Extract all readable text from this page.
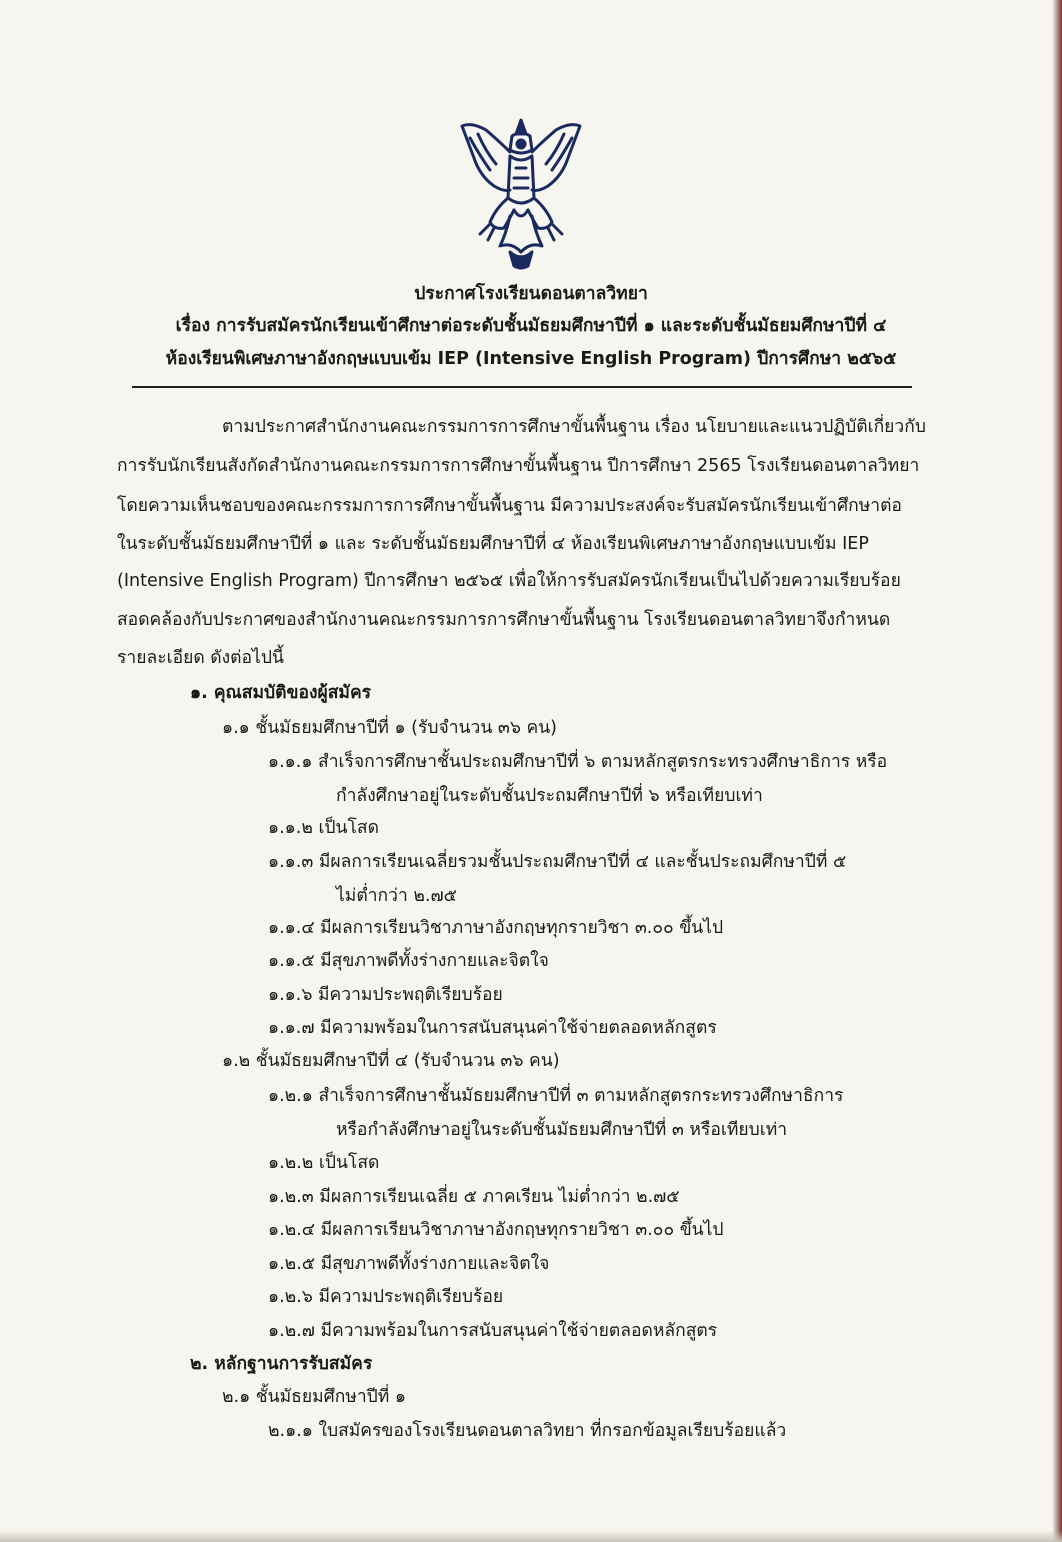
ประกาศโรงเรียนดอนตาลวิทยา
เรื่อง การรับสมัครนักเรียนเข้าศึกษาต่อระดับชั้นมัธยมศึกษาปีที่ ๑ และระดับชั้นมัธยมศึกษาปีที่ ๔
ห้องเรียนพิเศษภาษาอังกฤษแบบเข้ม IEP (Intensive English Program) ปีการศึกษา ๒๕๖๕
ตามประกาศสำนักงานคณะกรรมการการศึกษาขั้นพื้นฐาน เรื่อง นโยบายและแนวปฏิบัติเกี่ยวกับ
การรับนักเรียนสังกัดสำนักงานคณะกรรมการการศึกษาขั้นพื้นฐาน ปีการศึกษา 2565 โรงเรียนดอนตาลวิทยา
โดยความเห็นชอบของคณะกรรมการการศึกษาขั้นพื้นฐาน มีความประสงค์จะรับสมัครนักเรียนเข้าศึกษาต่อ
ในระดับชั้นมัธยมศึกษาปีที่ ๑ และ ระดับชั้นมัธยมศึกษาปีที่ ๔ ห้องเรียนพิเศษภาษาอังกฤษแบบเข้ม IEP
(Intensive English Program) ปีการศึกษา ๒๕๖๕ เพื่อให้การรับสมัครนักเรียนเป็นไปด้วยความเรียบร้อย
สอดคล้องกับประกาศของสำนักงานคณะกรรมการการศึกษาขั้นพื้นฐาน โรงเรียนดอนตาลวิทยาจึงกำหนด
รายละเอียด ดังต่อไปนี้
๑. คุณสมบัติของผู้สมัคร
๑.๑ ชั้นมัธยมศึกษาปีที่ ๑ (รับจำนวน ๓๖ คน)
๑.๑.๑ สำเร็จการศึกษาชั้นประถมศึกษาปีที่ ๖ ตามหลักสูตรกระทรวงศึกษาธิการ หรือ
กำลังศึกษาอยู่ในระดับชั้นประถมศึกษาปีที่ ๖ หรือเทียบเท่า
๑.๑.๒ เป็นโสด
๑.๑.๓ มีผลการเรียนเฉลี่ยรวมชั้นประถมศึกษาปีที่ ๔ และชั้นประถมศึกษาปีที่ ๕
ไม่ต่ำกว่า ๒.๗๕
๑.๑.๔ มีผลการเรียนวิชาภาษาอังกฤษทุกรายวิชา ๓.๐๐ ขึ้นไป
๑.๑.๕ มีสุขภาพดีทั้งร่างกายและจิตใจ
๑.๑.๖ มีความประพฤติเรียบร้อย
๑.๑.๗ มีความพร้อมในการสนับสนุนค่าใช้จ่ายตลอดหลักสูตร
๑.๒ ชั้นมัธยมศึกษาปีที่ ๔ (รับจำนวน ๓๖ คน)
๑.๒.๑ สำเร็จการศึกษาชั้นมัธยมศึกษาปีที่ ๓ ตามหลักสูตรกระทรวงศึกษาธิการ
หรือกำลังศึกษาอยู่ในระดับชั้นมัธยมศึกษาปีที่ ๓ หรือเทียบเท่า
๑.๒.๒ เป็นโสด
๑.๒.๓ มีผลการเรียนเฉลี่ย ๕ ภาคเรียน ไม่ต่ำกว่า ๒.๗๕
๑.๒.๔ มีผลการเรียนวิชาภาษาอังกฤษทุกรายวิชา ๓.๐๐ ขึ้นไป
๑.๒.๕ มีสุขภาพดีทั้งร่างกายและจิตใจ
๑.๒.๖ มีความประพฤติเรียบร้อย
๑.๒.๗ มีความพร้อมในการสนับสนุนค่าใช้จ่ายตลอดหลักสูตร
๒. หลักฐานการรับสมัคร
๒.๑ ชั้นมัธยมศึกษาปีที่ ๑
๒.๑.๑ ใบสมัครของโรงเรียนดอนตาลวิทยา ที่กรอกข้อมูลเรียบร้อยแล้ว
